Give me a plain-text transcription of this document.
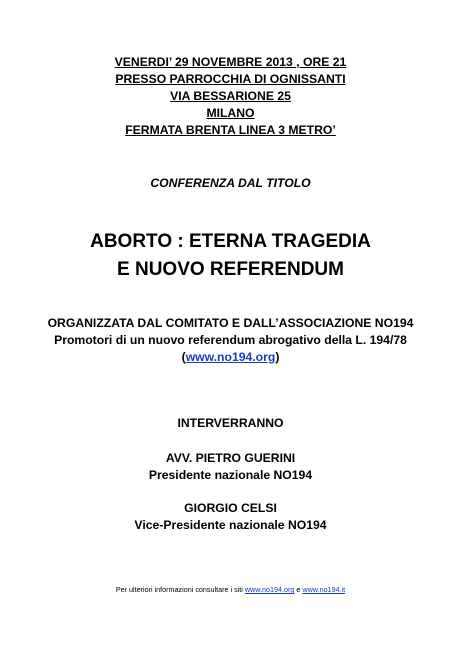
VENERDI’ 29 NOVEMBRE 2013 , ORE 21
PRESSO PARROCCHIA DI OGNISSANTI
VIA BESSARIONE 25
MILANO
FERMATA BRENTA LINEA 3 METRO’
CONFERENZA DAL TITOLO
ABORTO : ETERNA TRAGEDIA
E NUOVO REFERENDUM
ORGANIZZATA DAL COMITATO E DALL’ASSOCIAZIONE NO194
Promotori di un nuovo referendum abrogativo della L. 194/78
(www.no194.org)
INTERVERRANNO
AVV. PIETRO GUERINI
Presidente nazionale NO194
GIORGIO CELSI
Vice-Presidente nazionale NO194
Per ulteriori informazioni consultare i siti www.no194.org e www.no194.it
